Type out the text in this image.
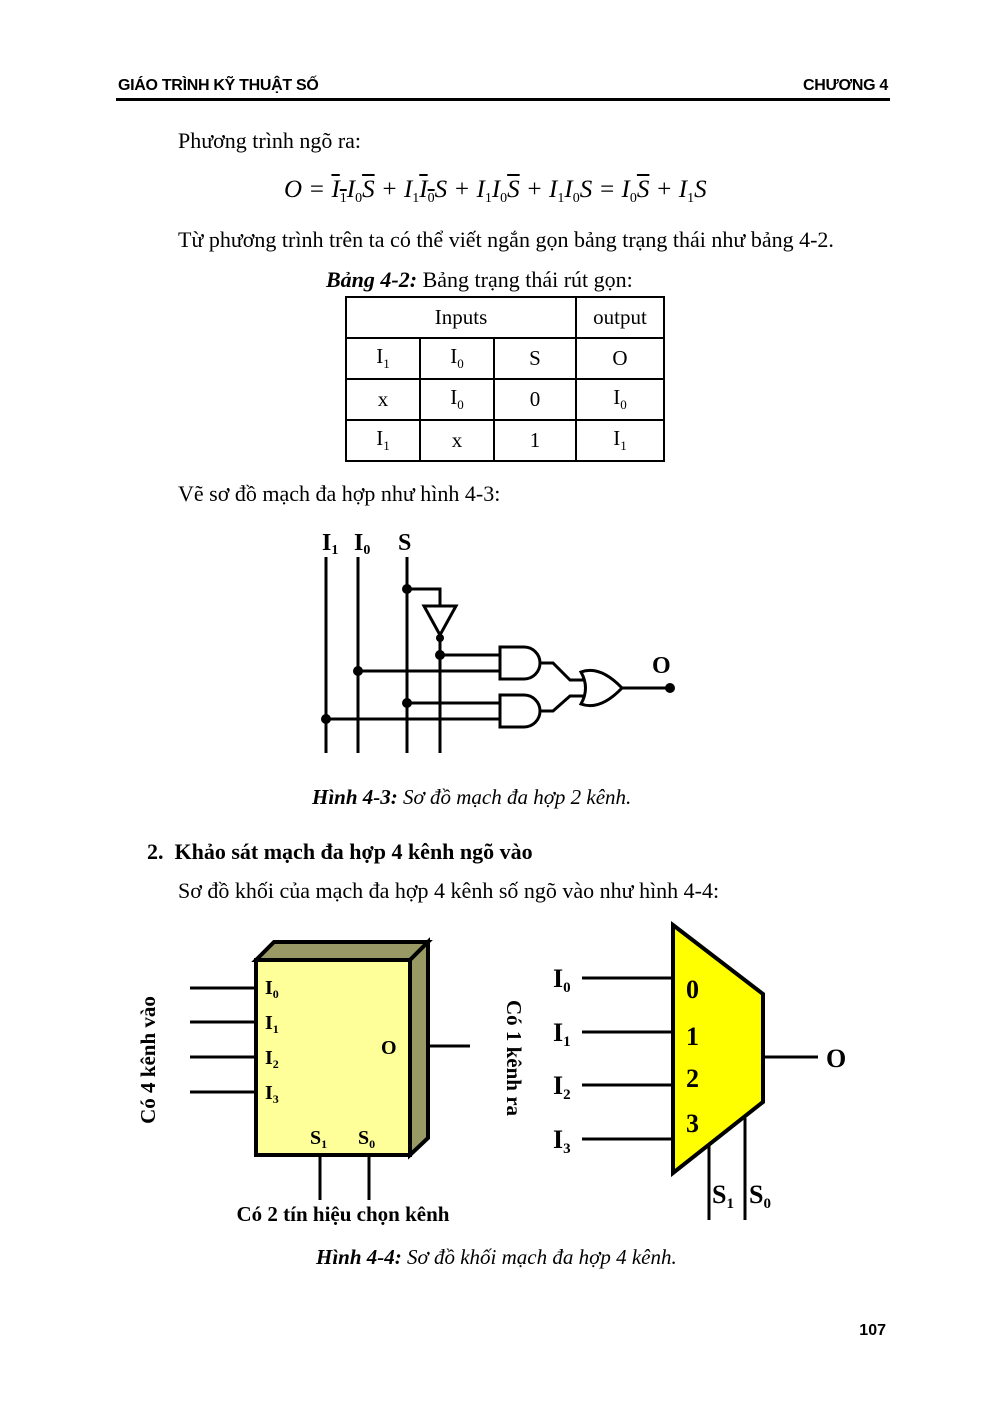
GIÁO TRÌNH KỸ THUẬT SỐ	CHƯƠNG 4
Phương trình ngõ ra:
$O = I_1I_0\overline{S} + I_1I_0S + I_1I_0\overline{S} + I_1I_0S = I_0\overline{S} + I_1S$
Từ phương trình trên ta có thể viết ngắn gọn bảng trạng thái như bảng 4-2.
Bảng 4-2: Bảng trạng thái rút gọn:
Inputs			output
$I_1$	$I_0$	S	O
x	$I_0$	0	$I_0$
$I_1$	x	1	$I_1$
Vẽ sơ đồ mạch đa hợp như hình 4-3:
I1 I0 S
O
Hình 4-3: Sơ đồ mạch đa hợp 2 kênh.
2. Khảo sát mạch đa hợp 4 kênh ngõ vào
Sơ đồ khối của mạch đa hợp 4 kênh số ngõ vào như hình 4-4:
$I_0$
$I_1$
$I_2$
$I_3$
O
$S_1$ $S_0$
Có 4 kênh vào
Có 2 tín hiệu chọn kênh
Có 1 kênh ra
I0
I1
I2
I3
0
1
2
3
O
S1 S0
Hình 4-4: Sơ đồ khối mạch đa hợp 4 kênh.
107
